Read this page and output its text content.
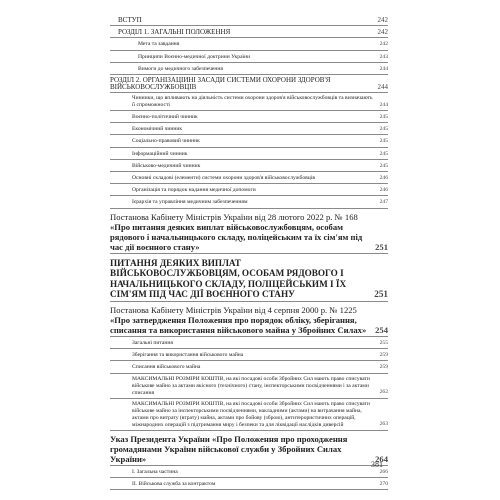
ВСТУП	242
РОЗДІЛ 1. ЗАГАЛЬНІ ПОЛОЖЕННЯ	242
Мета та завдання	242
Принципи Воєнно-медичної доктрини України	243
Вимоги до медичного забезпечення	244
РОЗДІЛ 2. ОРГАНІЗАЦІЙНІ ЗАСАДИ СИСТЕМИ ОХОРОНИ ЗДОРОВ'Я ВІЙСЬКОВОСЛУЖБОВЦІВ	244
Чинники, що впливають на діяльність системи охорони здоров'я військовослужбовців та визначають її спроможності	244
Воєнно-політичний чинник	245
Економічний чинник	245
Соціально-правовий чинник	245
Інформаційний чинник	245
Військово-медичний чинник	245
Основні складові (елементи) системи охорони здоров'я військовослужбовців	246
Організація та порядок надання медичної допомоги	246
Ієрархія та управління медичним забезпеченням	247
Постанова Кабінету Міністрів України від 28 лютого 2022 р. № 168
«Про питання деяких виплат військовослужбовцям, особам рядового і начальницького складу, поліцейським та їх сім'ям під час дії воєнного стану»	251
ПИТАННЯ ДЕЯКИХ ВИПЛАТ ВІЙСЬКОВОСЛУЖБОВЦЯМ, ОСОБАМ РЯДОВОГО І НАЧАЛЬНИЦЬКОГО СКЛАДУ, ПОЛІЦЕЙСЬКИМ І ЇХ СІМ'ЯМ ПІД ЧАС ДІЇ ВОЄННОГО СТАНУ	251
Постанова Кабінету Міністрів України від 4 серпня 2000 р. № 1225
«Про затвердження Положення про порядок обліку, зберігання, списання та використання військового майна у Збройних Силах»	254
Загальні питання	255
Зберігання та використання військового майна	259
Списання військового майна	259
МАКСИМАЛЬНІ РОЗМІРИ КОШТІВ, на які посадові особи Збройних Сил мають право списувати військове майно за актами якісного (технічного) стану, інспекторськими посвідченнями і за актами списання	262
МАКСИМАЛЬНІ РОЗМІРИ КОШТІВ, на які посадові особи Збройних Сил мають право списувати військове майно за інспекторськими посвідченнями, накладними (актами) на витрачання майна, актами про витрату (втрату) майна, актами про бойову (зброю), антитерористичних операцій, міжнародних операцій з підтримання миру і безпеки та для ліквідації наслідків диверсій	263
Указ Президента України «Про Положення про проходження громадянами України військової служби у Збройних Силах України»	264
І. Загальна частина	266
ІІ. Військова служба за контрактом	270
381
